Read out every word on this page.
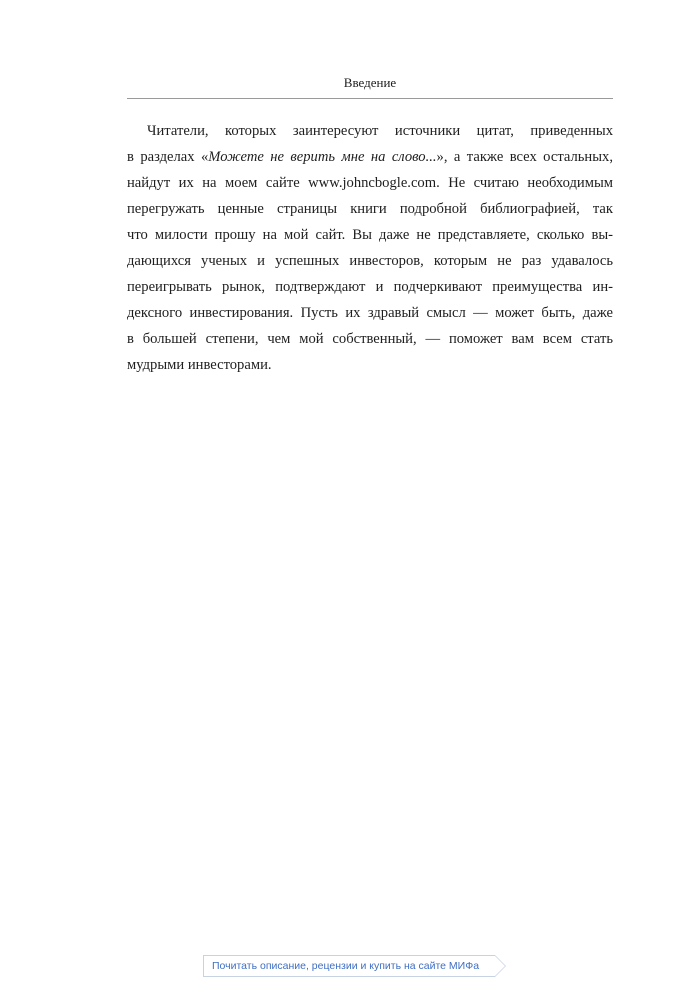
Введение
Читатели, которых заинтересуют источники цитат, приведенных
в разделах «Можете не верить мне на слово...», а также всех остальных,
найдут их на моем сайте www.johncbogle.com. Не считаю необходимым
перегружать ценные страницы книги подробной библиографией, так
что милости прошу на мой сайт. Вы даже не представляете, сколько вы-
дающихся ученых и успешных инвесторов, которым не раз удавалось
переигрывать рынок, подтверждают и подчеркивают преимущества ин-
дексного инвестирования. Пусть их здравый смысл — может быть, даже
в большей степени, чем мой собственный, — поможет вам всем стать
мудрыми инвесторами.
Почитать описание, рецензии и купить на сайте МИФа
